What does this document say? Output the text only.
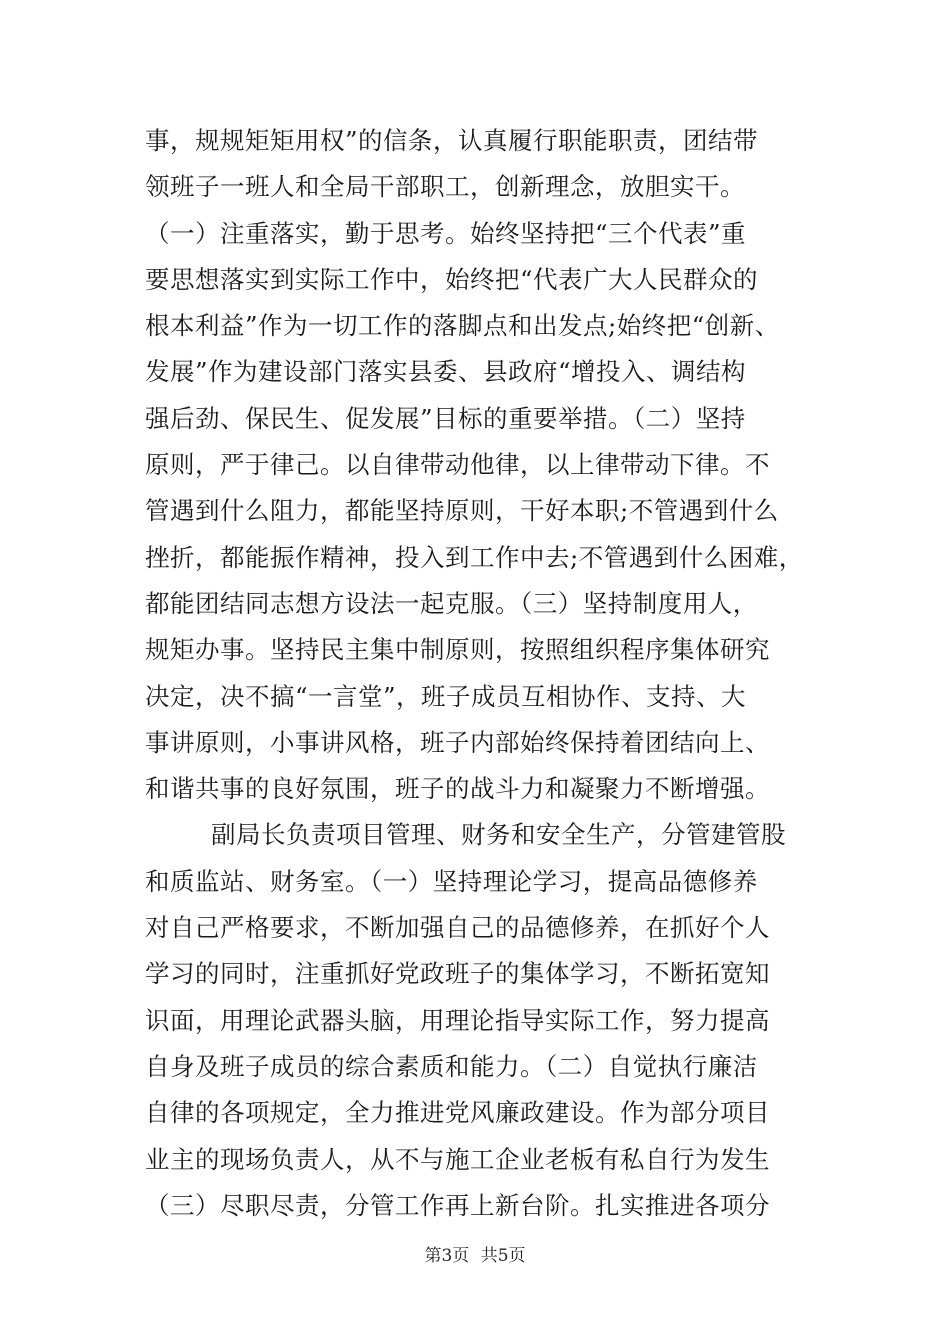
事，规规矩矩用权”的信条，认真履行职能职责，团结带
领班子一班人和全局干部职工，创新理念，放胆实干。
（一）注重落实，勤于思考。始终坚持把“三个代表”重
要思想落实到实际工作中，始终把“代表广大人民群众的
根本利益”作为一切工作的落脚点和出发点;始终把“创新、
发展”作为建设部门落实县委、县政府“增投入、调结构
强后劲、保民生、促发展”目标的重要举措。（二）坚持
原则，严于律己。以自律带动他律，以上律带动下律。不
管遇到什么阻力，都能坚持原则，干好本职;不管遇到什么
挫折，都能振作精神，投入到工作中去;不管遇到什么困难，
都能团结同志想方设法一起克服。（三）坚持制度用人，
规矩办事。坚持民主集中制原则，按照组织程序集体研究
决定，决不搞“一言堂”，班子成员互相协作、支持、大
事讲原则，小事讲风格，班子内部始终保持着团结向上、
和谐共事的良好氛围，班子的战斗力和凝聚力不断增强。
副局长负责项目管理、财务和安全生产，分管建管股
和质监站、财务室。（一）坚持理论学习，提高品德修养
对自己严格要求，不断加强自己的品德修养，在抓好个人
学习的同时，注重抓好党政班子的集体学习，不断拓宽知
识面，用理论武器头脑，用理论指导实际工作，努力提高
自身及班子成员的综合素质和能力。（二）自觉执行廉洁
自律的各项规定，全力推进党风廉政建设。作为部分项目
业主的现场负责人，从不与施工企业老板有私自行为发生
（三）尽职尽责，分管工作再上新台阶。扎实推进各项分
第3页 共5页
